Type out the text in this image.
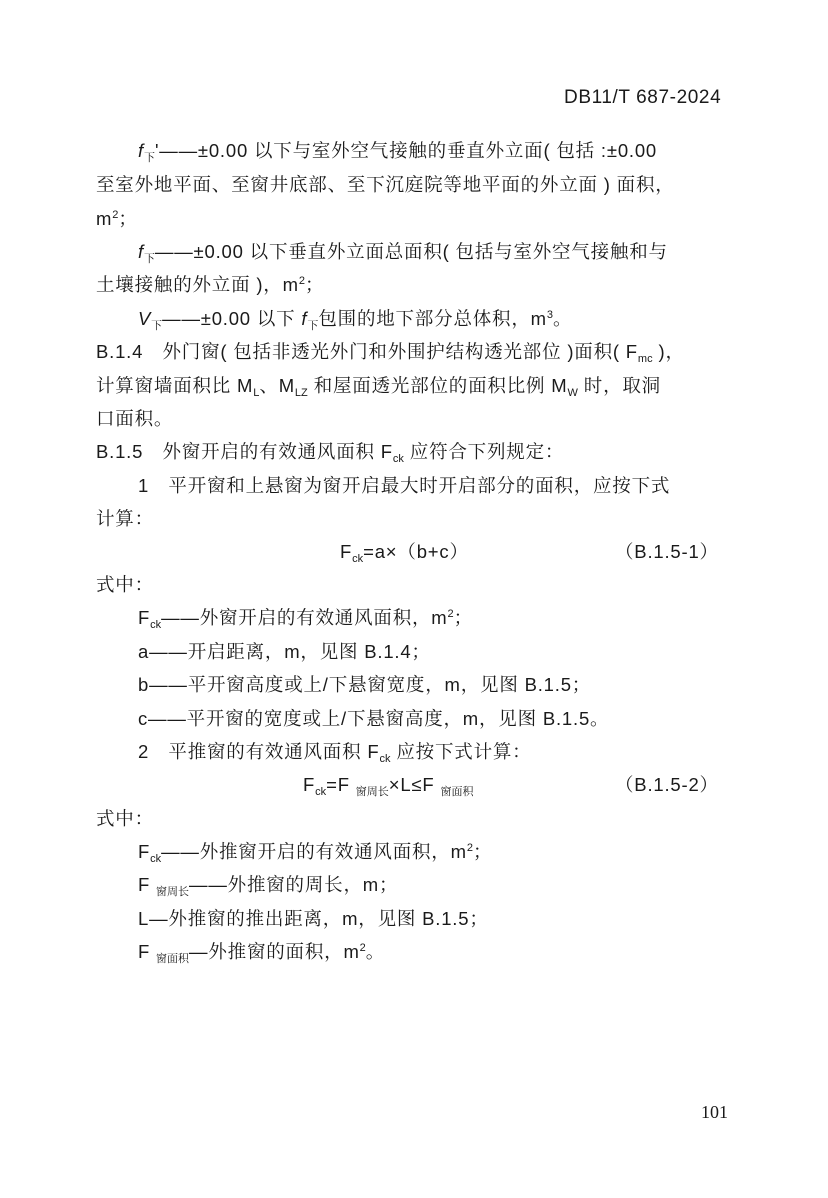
DB11/T 687-2024
$f_下'——\pm 0.00$ 以下与室外空气接触的垂直外立面( 包括 :±0.00
至室外地平面、至窗井底部、至下沉庭院等地平面的外立面 ) 面积，
$m^2$；
$f_下——\pm 0.00$ 以下垂直外立面总面积( 包括与室外空气接触和与
土壤接触的外立面 )，$m^2$；
$V_下——\pm 0.00$ 以下 $f_下$包围的地下部分总体积，$m^3$。
B.1.4　外门窗( 包括非透光外门和外围护结构透光部位 )面积( $F_{mc}$ )，
计算窗墙面积比 $M_L$、$M_{LZ}$ 和屋面透光部位的面积比例 $M_W$ 时，取洞
口面积。
B.1.5　外窗开启的有效通风面积 $F_{ck}$ 应符合下列规定：
1　平开窗和上悬窗为窗开启最大时开启部分的面积，应按下式
计算：
$F_{ck}=a\times(b+c)$	（B.1.5-1）
式中：
$F_{ck}——$外窗开启的有效通风面积，$m^2$；
a——开启距离，m，见图 B.1.4；
b——平开窗高度或上/下悬窗宽度，m，见图 B.1.5；
c——平开窗的宽度或上/下悬窗高度，m，见图 B.1.5。
2　平推窗的有效通风面积 $F_{ck}$ 应按下式计算：
$F_{ck}=F$ $_{窗周长}$×L≤F $_{窗面积}$	（B.1.5-2）
式中：
$F_{ck}——$外推窗开启的有效通风面积，$m^2$；
F $_{窗周长}$——外推窗的周长，m；
L—外推窗的推出距离，m，见图 B.1.5；
F $_{窗面积}$—外推窗的面积，$m^2$。
101
